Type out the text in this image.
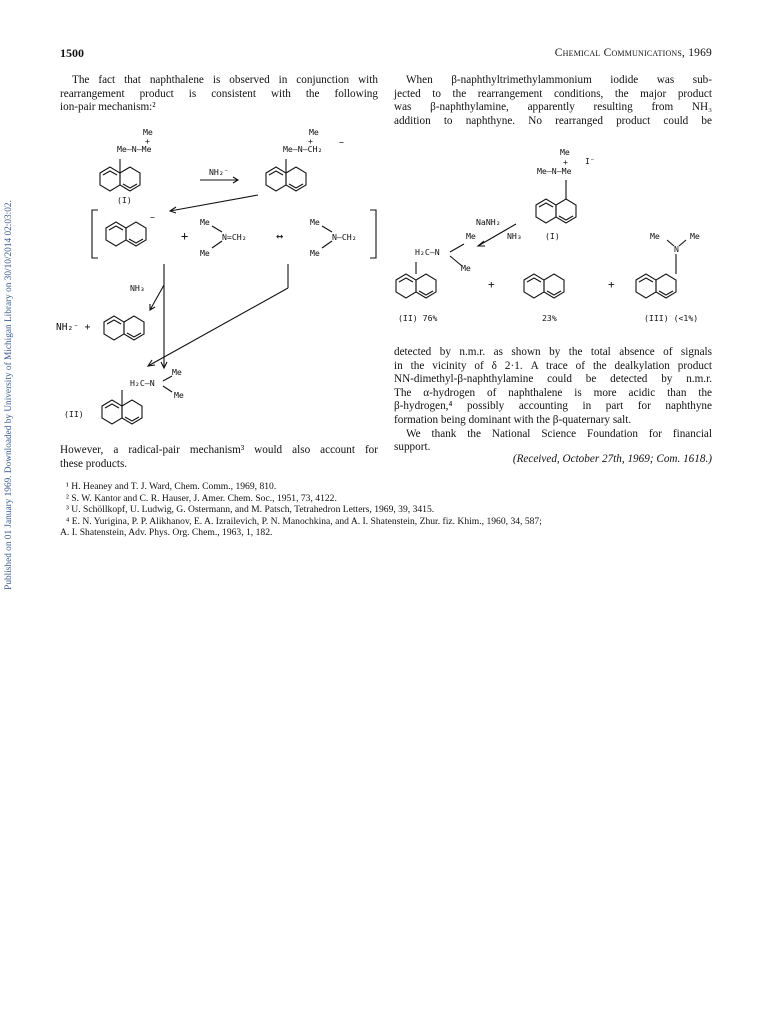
1500	Chemical Communications, 1969
Published on 01 January 1969. Downloaded by University of Michigan Library on 30/10/2014 02:03:02.
The fact that naphthalene is observed in conjunction with
rearrangement product is consistent with the following
ion-pair mechanism:²
When β-naphthyltrimethylammonium iodide was sub-
jected to the rearrangement conditions, the major product
was β-naphthylamine, apparently resulting from NH₃
addition to naphthyne. No rearranged product could be
Me
+
Me—N—Me
Me
+
Me—N—CH₂
−
NH₂⁻
(I)
−
+
Me
N=CH₂
Me
↔
Me
N—CH₂
Me
NH₃
NH₂⁻ +
Me
H₂C—N
Me
(II)
Me
I⁻
+
Me—N—Me
NaNH₂
Me	NH₃	(I)
H₂C—N
Me
+	+
Me	Me
N
(II) 76%	23%	(III) (<1%)
detected by n.m.r. as shown by the total absence of signals
in the vicinity of δ 2·1. A trace of the dealkylation product
NN-dimethyl-β-naphthylamine could be detected by n.m.r.
The α-hydrogen of naphthalene is more acidic than the
β-hydrogen,⁴ possibly accounting in part for naphthyne
formation being dominant with the β-quaternary salt.
We thank the National Science Foundation for financial
support.
(Received, October 27th, 1969; Com. 1618.)
However, a radical-pair mechanism³ would also account for
these products.
¹ H. Heaney and T. J. Ward, Chem. Comm., 1969, 810.
² S. W. Kantor and C. R. Hauser, J. Amer. Chem. Soc., 1951, 73, 4122.
³ U. Schöllkopf, U. Ludwig, G. Ostermann, and M. Patsch, Tetrahedron Letters, 1969, 39, 3415.
⁴ E. N. Yurigina, P. P. Alikhanov, E. A. Izrailevich, P. N. Manochkina, and A. I. Shatenstein, Zhur. fiz. Khim., 1960, 34, 587;
A. I. Shatenstein, Adv. Phys. Org. Chem., 1963, 1, 182.
